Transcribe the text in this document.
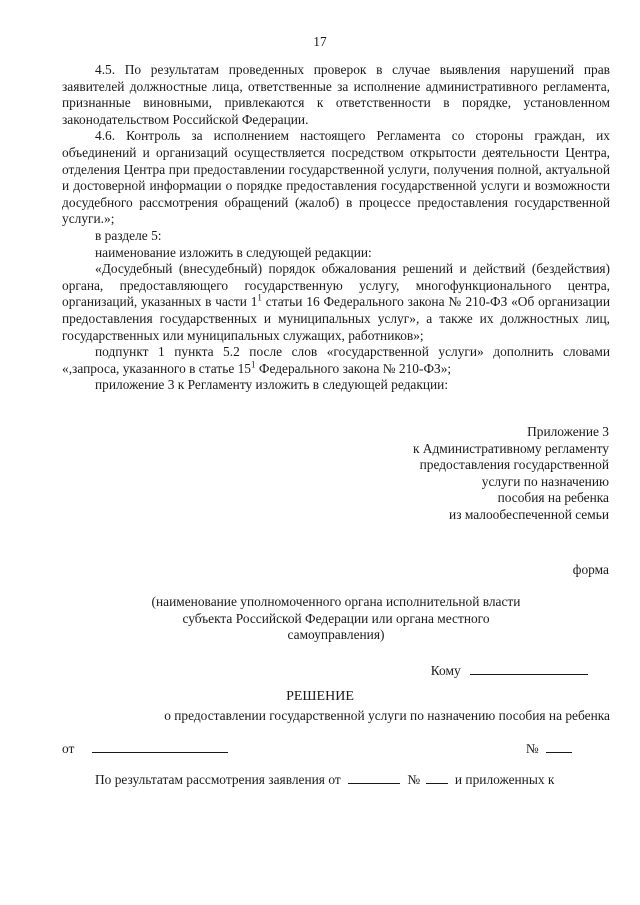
17

4.5. По результатам проведенных проверок в случае выявления нарушений прав заявителей должностные лица, ответственные за исполнение административного регламента, признанные виновными, привлекаются к ответственности в порядке, установленном законодательством Российской Федерации.

4.6. Контроль за исполнением настоящего Регламента со стороны граждан, их объединений и организаций осуществляется посредством открытости деятельности Центра, отделения Центра при предоставлении государственной услуги, получения полной, актуальной и достоверной информации о порядке предоставления государственной услуги и возможности досудебного рассмотрения обращений (жалоб) в процессе предоставления государственной услуги.»;

в разделе 5:

наименование изложить в следующей редакции:

«Досудебный (внесудебный) порядок обжалования решений и действий (бездействия) органа, предоставляющего государственную услугу, многофункционального центра, организаций, указанных в части $1^1$ статьи 16 Федерального закона № 210-ФЗ «Об организации предоставления государственных и муниципальных услуг», а также их должностных лиц, государственных или муниципальных служащих, работников»;

подпункт 1 пункта 5.2 после слов «государственной услуги» дополнить словами «,запроса, указанного в статье $15^1$ Федерального закона № 210-ФЗ»;

приложение 3 к Регламенту изложить в следующей редакции:

Приложение 3
к Административному регламенту
предоставления государственной
услуги по назначению
пособия на ребенка
из малообеспеченной семьи
форма
(наименование уполномоченного органа исполнительной власти
субъекта Российской Федерации или органа местного
самоуправления)
Кому
РЕШЕНИЕ
о предоставлении государственной услуги по назначению пособия на ребенка
от	№
По результатам рассмотрения заявления от	№	и приложенных к
